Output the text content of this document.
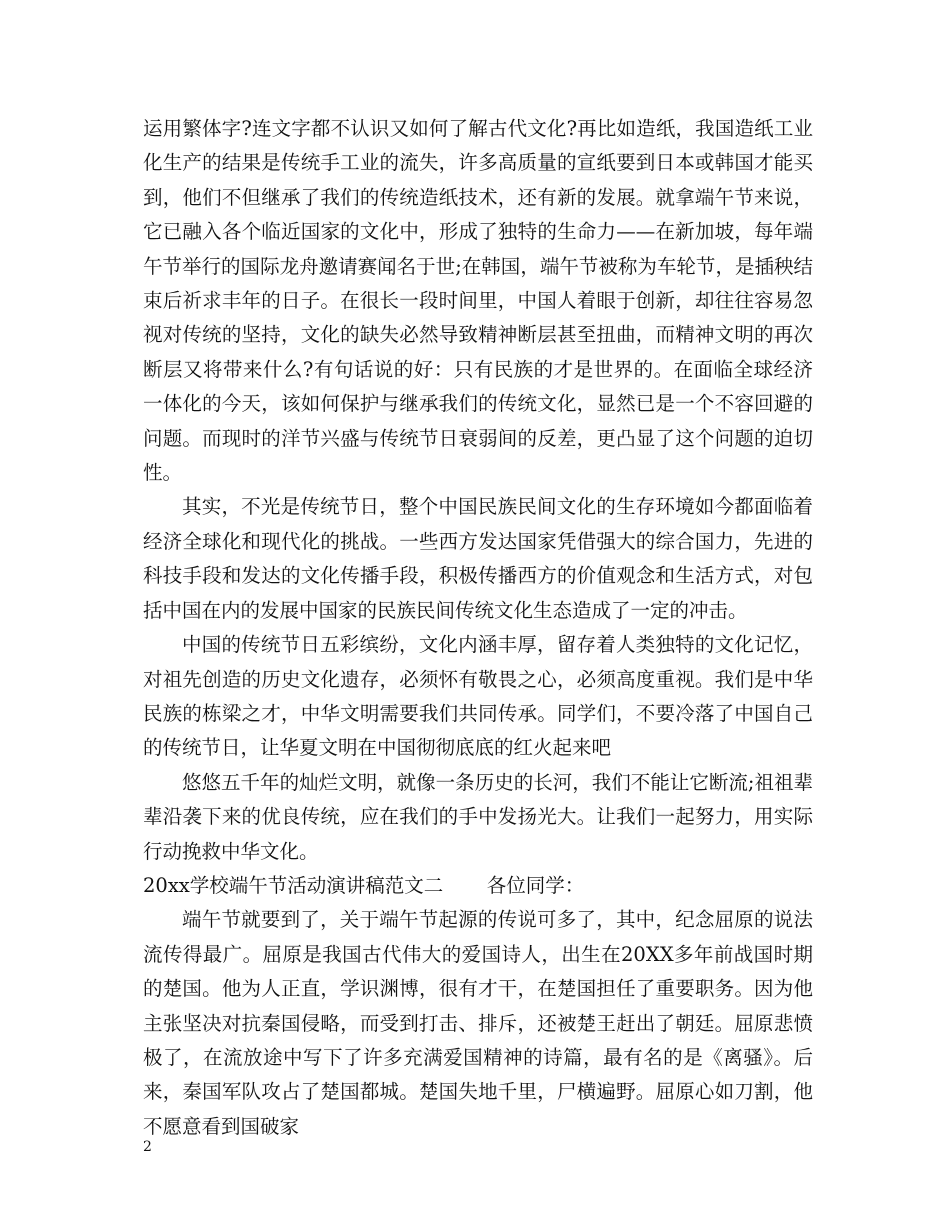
运用繁体字?连文字都不认识又如何了解古代文化?再比如造纸，我国造纸工业化生产的结果是传统手工业的流失，许多高质量的宣纸要到日本或韩国才能买到，他们不但继承了我们的传统造纸技术，还有新的发展。就拿端午节来说，它已融入各个临近国家的文化中，形成了独特的生命力——在新加坡，每年端午节举行的国际龙舟邀请赛闻名于世;在韩国，端午节被称为车轮节，是插秧结束后祈求丰年的日子。在很长一段时间里，中国人着眼于创新，却往往容易忽视对传统的坚持，文化的缺失必然导致精神断层甚至扭曲，而精神文明的再次断层又将带来什么?有句话说的好：只有民族的才是世界的。在面临全球经济一体化的今天，该如何保护与继承我们的传统文化，显然已是一个不容回避的问题。而现时的洋节兴盛与传统节日衰弱间的反差，更凸显了这个问题的迫切性。

其实，不光是传统节日，整个中国民族民间文化的生存环境如今都面临着经济全球化和现代化的挑战。一些西方发达国家凭借强大的综合国力，先进的科技手段和发达的文化传播手段，积极传播西方的价值观念和生活方式，对包括中国在内的发展中国家的民族民间传统文化生态造成了一定的冲击。

中国的传统节日五彩缤纷，文化内涵丰厚，留存着人类独特的文化记忆，对祖先创造的历史文化遗存，必须怀有敬畏之心，必须高度重视。我们是中华民族的栋梁之才，中华文明需要我们共同传承。同学们，不要冷落了中国自己的传统节日，让华夏文明在中国彻彻底底的红火起来吧

悠悠五千年的灿烂文明，就像一条历史的长河，我们不能让它断流;祖祖辈辈沿袭下来的优良传统，应在我们的手中发扬光大。让我们一起努力，用实际行动挽救中华文化。

20xx学校端午节活动演讲稿范文二       各位同学：

端午节就要到了，关于端午节起源的传说可多了，其中，纪念屈原的说法流传得最广。屈原是我国古代伟大的爱国诗人，出生在20XX多年前战国时期的楚国。他为人正直，学识渊博，很有才干，在楚国担任了重要职务。因为他主张坚决对抗秦国侵略，而受到打击、排斥，还被楚王赶出了朝廷。屈原悲愤极了，在流放途中写下了许多充满爱国精神的诗篇，最有名的是《离骚》。后来，秦国军队攻占了楚国都城。楚国失地千里，尸横遍野。屈原心如刀割，他不愿意看到国破家

2
